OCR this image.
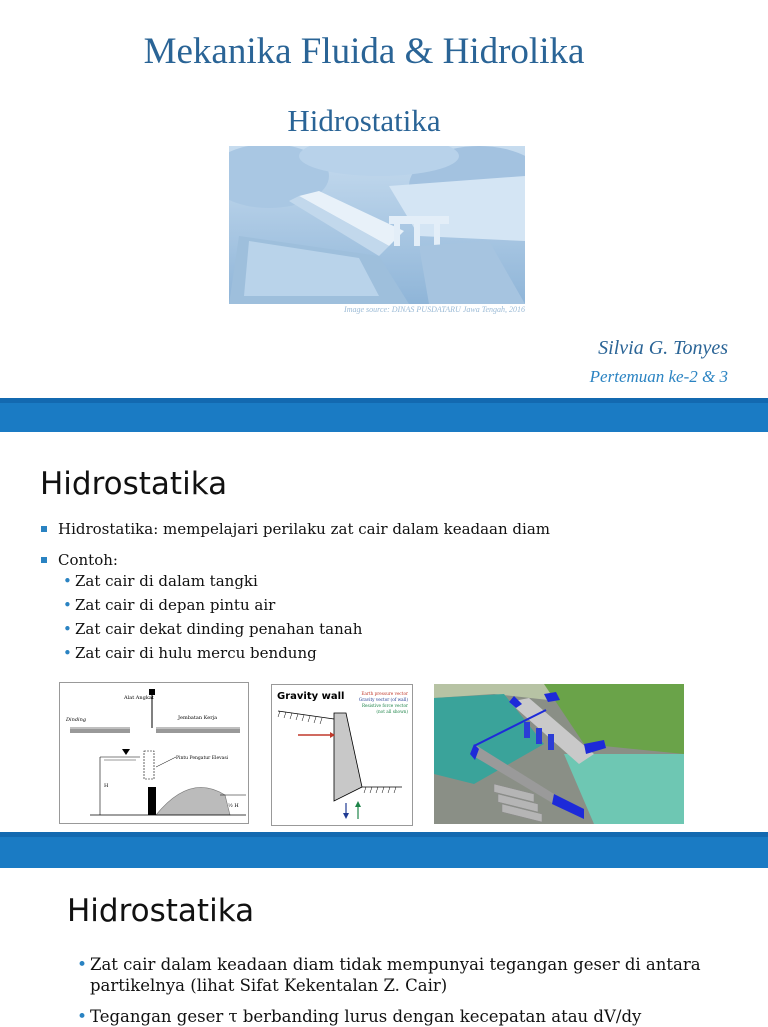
Mekanika Fluida & Hidrolika
Hidrostatika
Image source: DINAS PUSDATARU Jawa Tengah, 2016
Silvia G. Tonyes
Pertemuan ke-2 & 3
Hidrostatika
Hidrostatika: mempelajari perilaku zat cair dalam keadaan diam
Contoh:
• Zat cair di dalam tangki
• Zat cair di depan pintu air
• Zat cair dekat dinding penahan tanah
• Zat cair di hulu mercu bendung
Alat Angkat
Dinding	Jembatan Kerja
Pintu Pengatur Elevasi
H
½ H
Gravity wall	Earth pressure vector
Gravity vector (of wall)
Resistive force vector
(not all shown)
Hidrostatika
• Zat cair dalam keadaan diam tidak mempunyai tegangan geser di antara
partikelnya (lihat Sifat Kekentalan Z. Cair)
• Tegangan geser τ berbanding lurus dengan kecepatan atau dV/dy
